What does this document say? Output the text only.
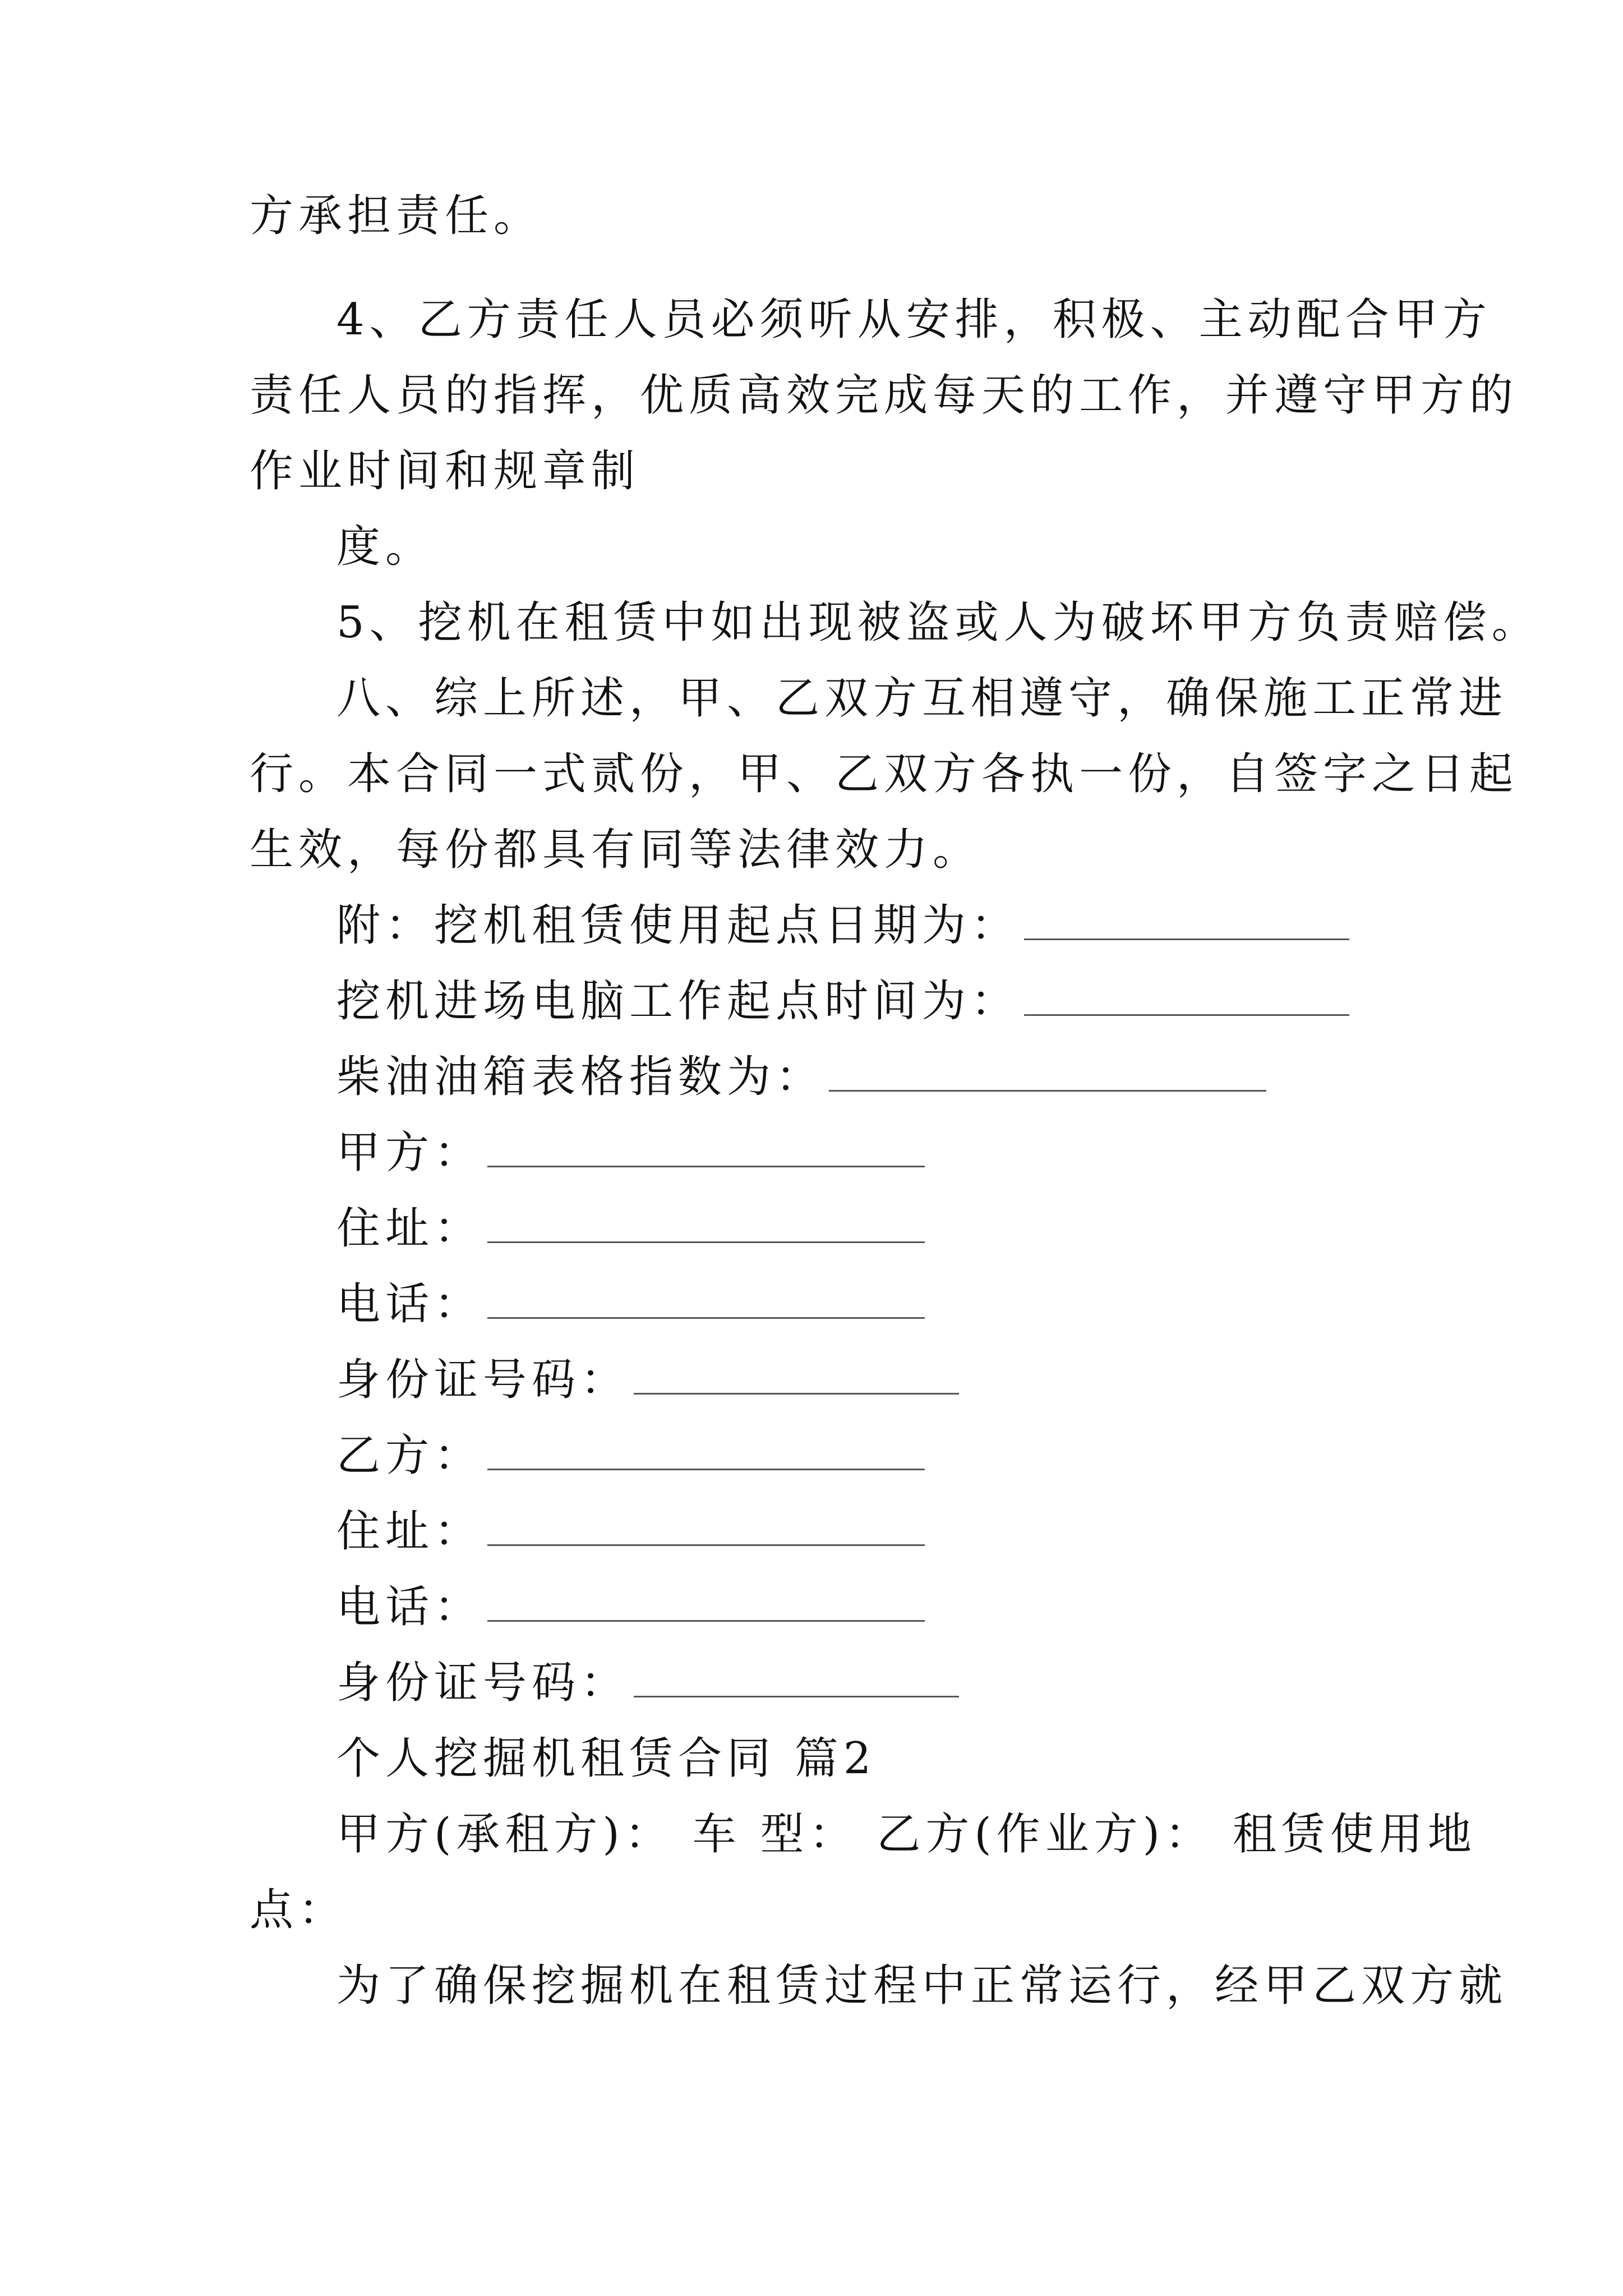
方承担责任。
4、乙方责任人员必须听从安排，积极、主动配合甲方
责任人员的指挥，优质高效完成每天的工作，并遵守甲方的
作业时间和规章制
度。
5、挖机在租赁中如出现被盗或人为破坏甲方负责赔偿。
八、综上所述，甲、乙双方互相遵守，确保施工正常进
行。本合同一式贰份，甲、乙双方各执一份，自签字之日起
生效，每份都具有同等法律效力。
附：挖机租赁使用起点日期为：
挖机进场电脑工作起点时间为：
柴油油箱表格指数为：
甲方：
住址：
电话：
身份证号码：
乙方：
住址：
电话：
身份证号码：
个人挖掘机租赁合同 篇2
甲方(承租方)： 车 型： 乙方(作业方)： 租赁使用地
点：
为了确保挖掘机在租赁过程中正常运行，经甲乙双方就
